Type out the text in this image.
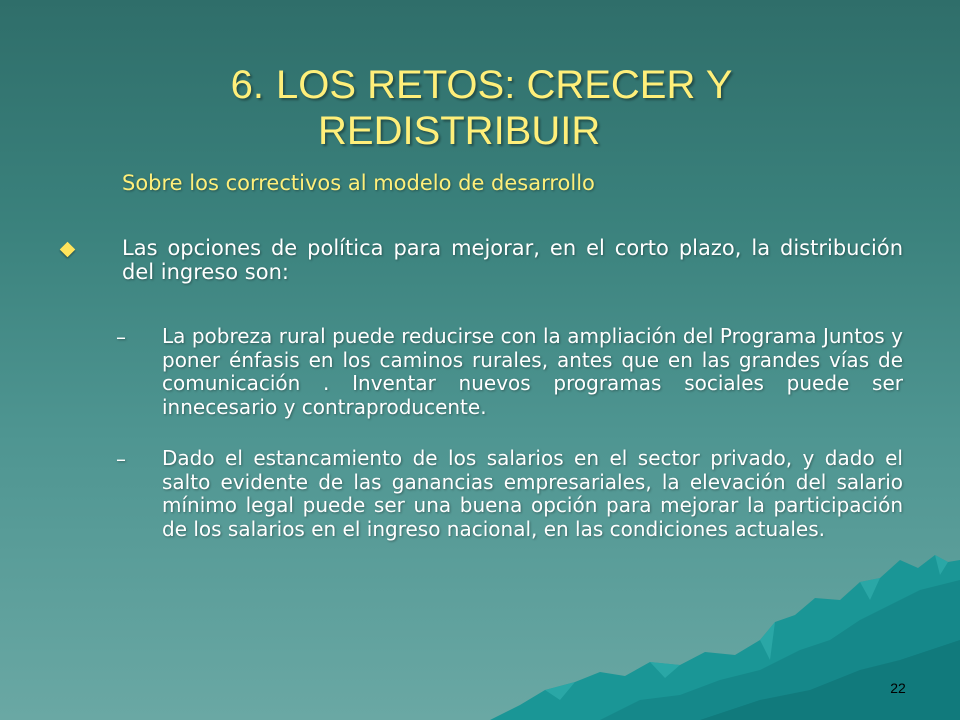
6. LOS RETOS: CRECER Y
REDISTRIBUIR
Sobre los correctivos al modelo de desarrollo
Las opciones de política para mejorar, en el corto plazo, la distribución del ingreso son:
– La pobreza rural puede reducirse con la ampliación del Programa Juntos y poner énfasis en los caminos rurales, antes que en las grandes vías de comunicación . Inventar nuevos programas sociales puede ser innecesario y contraproducente.
– Dado el estancamiento de los salarios en el sector privado, y dado el salto evidente de las ganancias empresariales, la elevación del salario mínimo legal puede ser una buena opción para mejorar la participación de los salarios en el ingreso nacional, en las condiciones actuales.
22
